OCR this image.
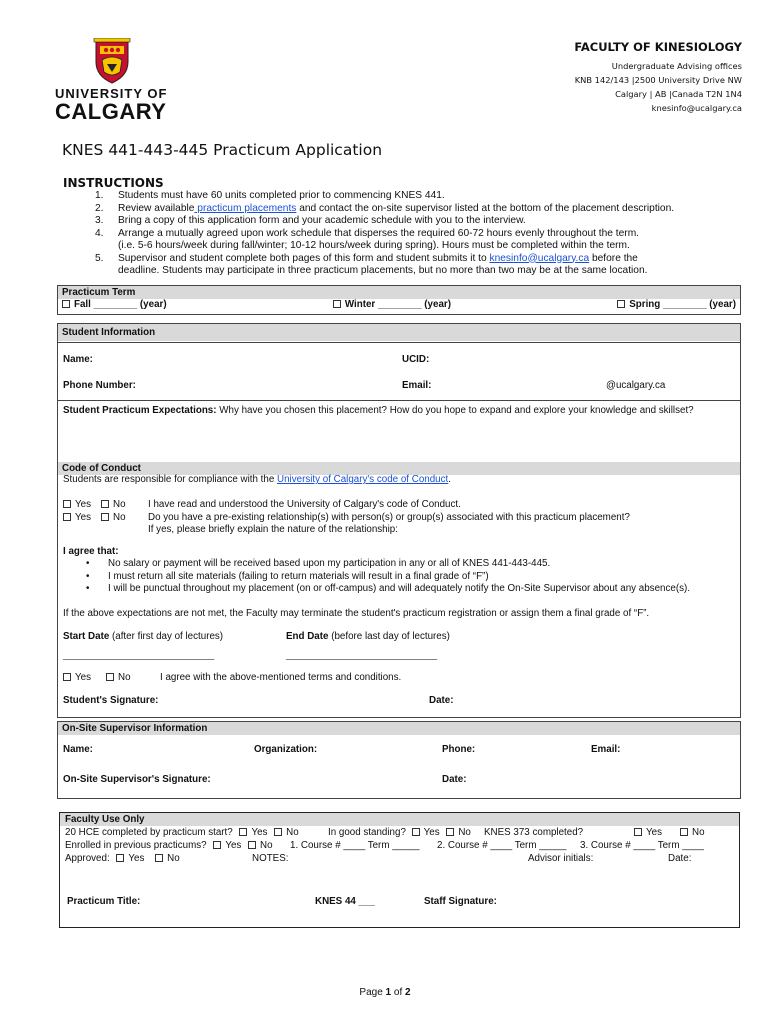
UNIVERSITY OF
CALGARY
FACULTY OF KINESIOLOGY
Undergraduate Advising offices
KNB 142/143 |2500 University Drive NW
Calgary | AB |Canada T2N 1N4
knesinfo@ucalgary.ca
KNES 441-443-445 Practicum Application
INSTRUCTIONS
1.	Students must have 60 units completed prior to commencing KNES 441.
2.	Review available practicum placements and contact the on-site supervisor listed at the bottom of the placement description.
3.	Bring a copy of this application form and your academic schedule with you to the interview.
4.	Arrange a mutually agreed upon work schedule that disperses the required 60-72 hours evenly throughout the term.
(i.e. 5-6 hours/week during fall/winter; 10-12 hours/week during spring). Hours must be completed within the term.
5.	Supervisor and student complete both pages of this form and student submits it to knesinfo@ucalgary.ca before the
deadline. Students may participate in three practicum placements, but no more than two may be at the same location.
Practicum Term
Fall ________ (year)	Winter ________ (year)	Spring ________ (year)
Student Information
Name:	UCID:
Phone Number:	Email:	@ucalgary.ca
Student Practicum Expectations: Why have you chosen this placement? How do you hope to expand and explore your knowledge and skillset?
Code of Conduct
Students are responsible for compliance with the University of Calgary's code of Conduct.
Yes	No I have read and understood the University of Calgary's code of Conduct.
Yes	No Do you have a pre-existing relationship(s) with person(s) or group(s) associated with this practicum placement?
If yes, please briefly explain the nature of the relationship:
I agree that:
• No salary or payment will be received based upon my participation in any or all of KNES 441-443-445.
• I must return all site materials (failing to return materials will result in a final grade of “F”)
• I will be punctual throughout my placement (on or off-campus) and will adequately notify the On-Site Supervisor about any absence(s).
If the above expectations are not met, the Faculty may terminate the student's practicum registration or assign them a final grade of “F”.
Start Date (after first day of lectures)	End Date (before last day of lectures)
________________________________	________________________________
Yes	No	I agree with the above-mentioned terms and conditions.
Student's Signature:	Date:
On-Site Supervisor Information
Name:	Organization:	Phone:	Email:
On-Site Supervisor's Signature:	Date:
Faculty Use Only
20 HCE completed by practicum start? Yes No	In good standing? Yes No KNES 373 completed?	Yes	No
Enrolled in previous practicums? Yes No 1. Course # ____ Term _____ 2. Course # ____ Term _____ 3. Course # ____ Term ____
Approved: Yes No	NOTES:	Advisor initials:	Date:
Practicum Title:	KNES 44 ___	Staff Signature:
Page 1 of 2
